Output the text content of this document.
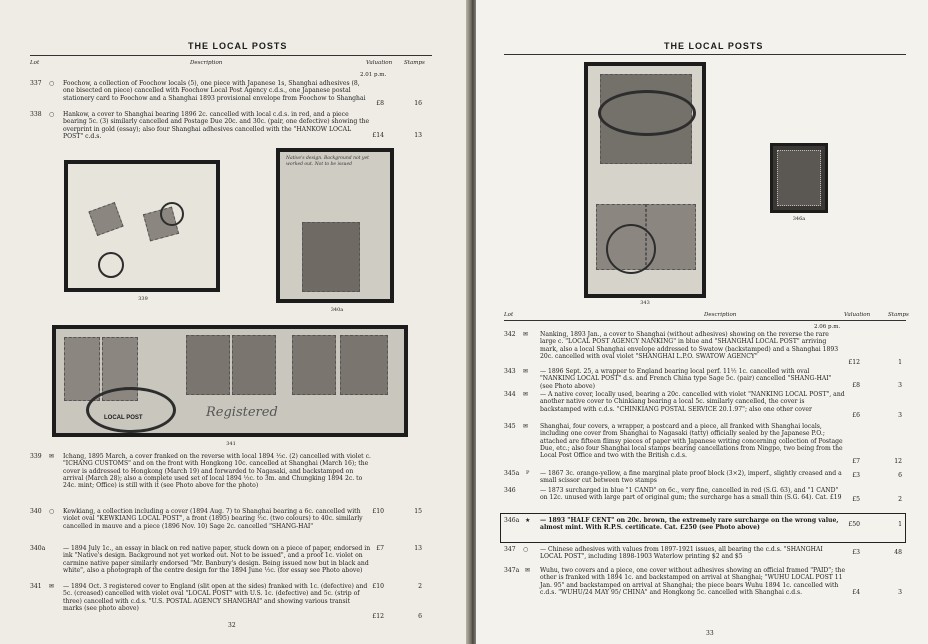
THE LOCAL POSTS
Lot	Description	Valuation Stamps
2.01 p.m.
337 ○ Foochow, a collection of Foochow locals (5), one piece with Japanese 1s, Shanghai adhesives (8, one bisected on piece) cancelled with Foochow Local Post Agency c.d.s., one Japanese postal stationery card to Foochow and a Shanghai 1893 provisional envelope from Foochow to Shanghai
£8	16
338 ○ Hankow, a cover to Shanghai bearing 1896 2c. cancelled with local c.d.s. in red, and a piece bearing 5c. (3) similarly cancelled and Postage Due 20c. and 30c. (pair, one defective) showing the overprint in gold (essay); also four Shanghai adhesives cancelled with the "HANKOW LOCAL POST" c.d.s.	£14	13
339
Native's design. Background not yet worked out. Not to be issued
340a
LOCAL POST	Registered
341
339 ✉ Ichang, 1895 March, a cover franked on the reverse with local 1894 ½c. (2) cancelled with violet c. "ICHANG CUSTOMS" and on the front with Hongkong 10c. cancelled at Shanghai (March 16); the cover is addressed to Hongkong (March 19) and forwarded to Nagasaki, and backstamped on arrival (March 28); also a complete used set of local 1894 ½c. to 3m. and Chungking 1894 2c. to 24c. mint; Office) is still with it (see Photo above for the photo)
340 ○ Kewkiang, a collection including a cover (1894 Aug. 7) to Shanghai bearing a 6c. cancelled with violet oval "KEWKIANG LOCAL POST", a front (1895) bearing ½c. (two colours) to 40c. similarly cancelled in mauve and a piece (1896 Nov. 10) Sage 2c. cancelled "SHANG-HAI"
£10	15
340a	— 1894 July 1c., an essay in black on red native paper, stuck down on a piece of paper, endorsed in ink "Native's design. Background not yet worked out. Not to be issued", and a proof 1c. violet on carmine native paper similarly endorsed "Mr. Banbury's design. Being issued now but in black and white", also a photograph of the centre design for the 1894 June ½c. (for essay see Photo above)
£7	13
341 ✉ — 1894 Oct. 3 registered cover to England (slit open at the sides) franked with 1c. (defective) and 5c. (creased) cancelled with violet oval "LOCAL POST" with U.S. 1c. (defective) and 5c. (strip of three) cancelled with c.d.s. "U.S. POSTAL AGENCY SHANGHAI" and showing various transit marks (see photo above)
£10	2
£12	6
32
THE LOCAL POSTS
343
346a
Lot	Description	Valuation	Stamps
2.06 p.m.
342 ✉ Nanking, 1893 Jan., a cover to Shanghai (without adhesives) showing on the reverse the rare large c. "LOCAL POST AGENCY NANKING" in blue and "SHANGHAI LOCAL POST" arriving mark, also a local Shanghai envelope addressed to Swatow (backstamped) and a Shanghai 1893 20c. cancelled with oval violet "SHANGHAI L.P.O. SWATOW AGENCY"
£12	1
343 ✉ — 1896 Sept. 25, a wrapper to England bearing local perf. 11½ 1c. cancelled with oval "NANKING LOCAL POST" d.s. and French China type Sage 5c. (pair) cancelled "SHANG-HAI" (see Photo above)	£8	3
344 ✉ — A native cover, locally used, bearing a 20c. cancelled with violet "NANKING LOCAL POST", and another native cover to Chinkiang bearing a local 5c. similarly cancelled, the cover is backstamped with c.d.s. "CHINKIANG POSTAL SERVICE 20.1.97"; also one other cover
£6	3
345 ✉ Shanghai, four covers, a wrapper, a postcard and a piece, all franked with Shanghai locals, including one cover from Shanghai to Nagasaki (tatty) officially sealed by the Japanese P.O.; attached are fifteen flimsy pieces of paper with Japanese writing concerning collection of Postage Due, etc.; also four Shanghai local stamps bearing cancellations from Ningpo, two being from the Local Post Office and two with the British c.d.s.
£7	12
345a P — 1867 3c. orange-yellow, a fine marginal plate proof block (3×2), imperf., slightly creased and a small scissor cut between two stamps
£3	6
346	— 1873 surcharged in blue "1 CAND" on 6c., very fine, cancelled in red (S.G. 63), and "1 CAND" on 12c. unused with large part of original gum; the surcharge has a small thin (S.G. 64). Cat. £19	£5	2
346a ★ — 1893 "HALF CENT" on 20c. brown, the extremely rare surcharge on the wrong value, almost mint. With R.P.S. certificate. Cat. £250 (see Photo above)	£50	1
347 ○ — Chinese adhesives with values from 1897-1921 issues, all bearing the c.d.s. "SHANGHAI LOCAL POST", including 1898-1903 Waterlow printing $2 and $5
£3	48
347a ✉ Wuhu, two covers and a piece, one cover without adhesives showing an official framed "PAID"; the other is franked with 1894 1c. and backstamped on arrival at Shanghai; "WUHU LOCAL POST 11 Jan. 95" and backstamped on arrival at Shanghai; the piece bears Wuhu 1894 1c. cancelled with c.d.s. "WUHU/24 MAY 95/ CHINA" and Hongkong 5c. cancelled with Shanghai c.d.s.	£4	3
33
